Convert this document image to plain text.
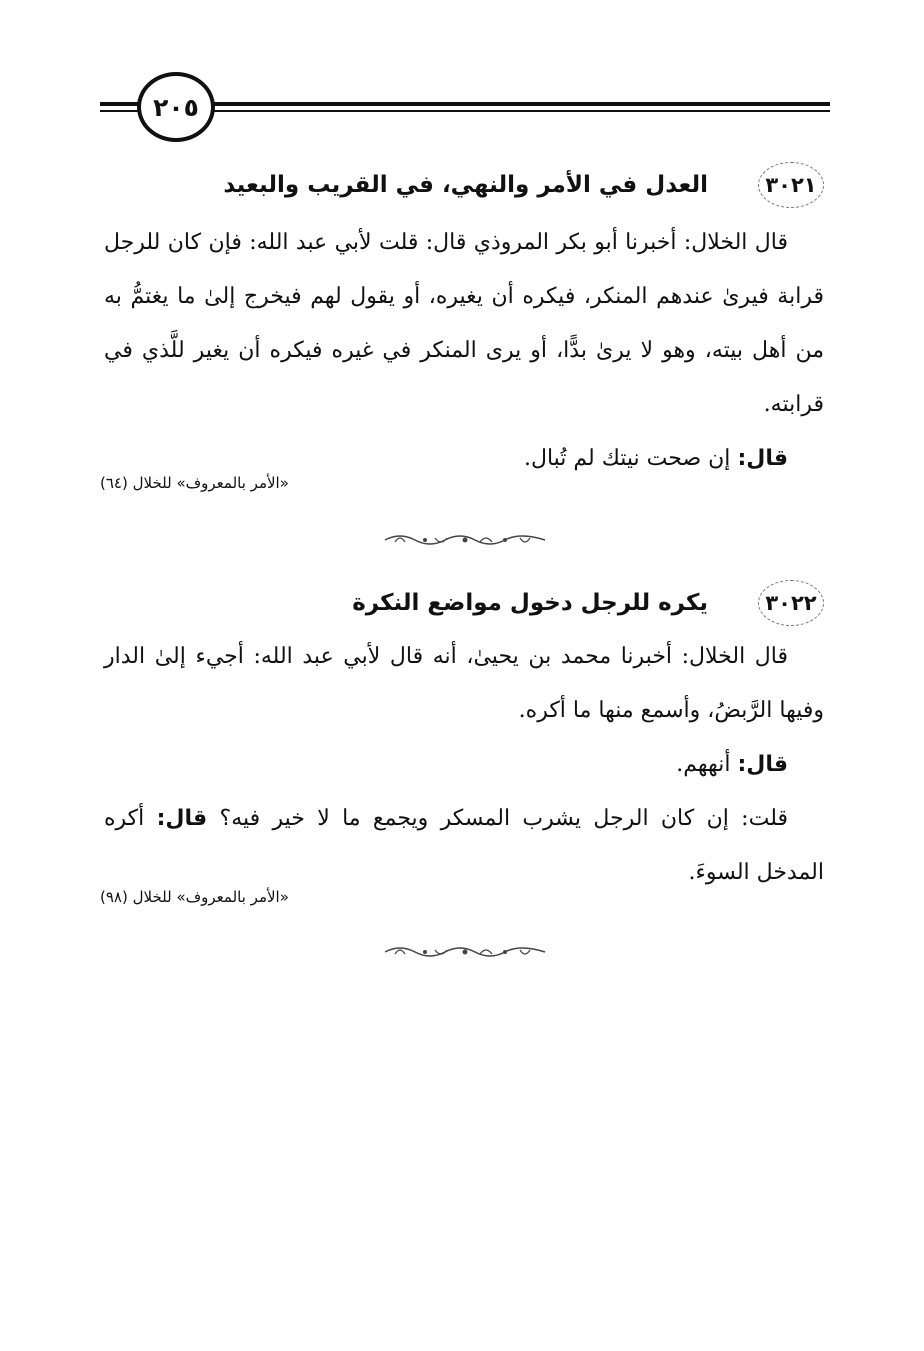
٢٠٥
٣٠٢١
العدل في الأمر والنهي، في القريب والبعيد

قال الخلال: أخبرنا أبو بكر المروذي قال: قلت لأبي عبد الله: فإن كان للرجل قرابة فيرىٰ عندهم المنكر، فيكره أن يغيره، أو يقول لهم فيخرج إلىٰ ما يغتمُّ به من أهل بيته، وهو لا يرىٰ بدًّا، أو يرى المنكر في غيره فيكره أن يغير للَّذي في قرابته.

قال: إن صحت نيتك لم تُبال.

«الأمر بالمعروف» للخلال (٦٤)
٣٠٢٢
يكره للرجل دخول مواضع النكرة

قال الخلال: أخبرنا محمد بن يحيىٰ، أنه قال لأبي عبد الله: أجيء إلىٰ الدار وفيها الرَّبضُ، وأسمع منها ما أكره.

قال: أنههم.

قلت: إن كان الرجل يشرب المسكر ويجمع ما لا خير فيه؟ قال: أكره المدخل السوءَ.

«الأمر بالمعروف» للخلال (٩٨)
